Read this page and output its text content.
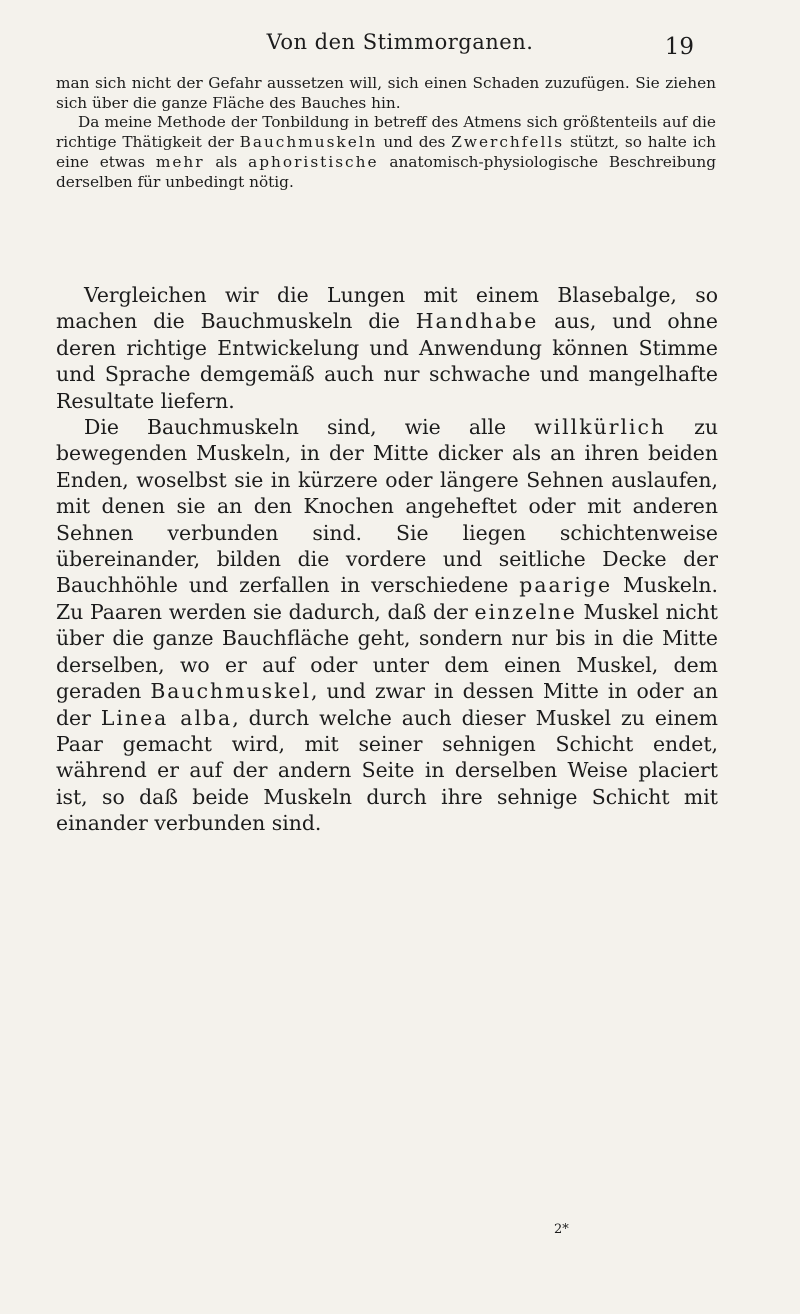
Von den Stimmorganen.	19

man sich nicht der Gefahr aussetzen will, sich einen Schaden zuzufügen. Sie ziehen sich über die ganze Fläche des Bauches hin.

Da meine Methode der Tonbildung in betreff des Atmens sich größtenteils auf die richtige Thätigkeit der Bauchmuskeln und des Zwerchfells stützt, so halte ich eine etwas mehr als aphoristische anatomisch-physiologische Beschreibung derselben für unbedingt nötig.

Vergleichen wir die Lungen mit einem Blasebalge, so machen die Bauchmuskeln die Handhabe aus, und ohne deren richtige Entwickelung und Anwendung können Stimme und Sprache demgemäß auch nur schwache und mangelhafte Resultate liefern.

Die Bauchmuskeln sind, wie alle willkürlich zu bewegenden Muskeln, in der Mitte dicker als an ihren beiden Enden, woselbst sie in kürzere oder längere Sehnen auslaufen, mit denen sie an den Knochen angeheftet oder mit anderen Sehnen verbunden sind. Sie liegen schichtenweise übereinander, bilden die vordere und seitliche Decke der Bauchhöhle und zerfallen in verschiedene paarige Muskeln. Zu Paaren werden sie dadurch, daß der einzelne Muskel nicht über die ganze Bauchfläche geht, sondern nur bis in die Mitte derselben, wo er auf oder unter dem einen Muskel, dem geraden Bauchmuskel, und zwar in dessen Mitte in oder an der Linea alba, durch welche auch dieser Muskel zu einem Paar gemacht wird, mit seiner sehnigen Schicht endet, während er auf der andern Seite in derselben Weise placiert ist, so daß beide Muskeln durch ihre sehnige Schicht mit einander verbunden sind.

2*
